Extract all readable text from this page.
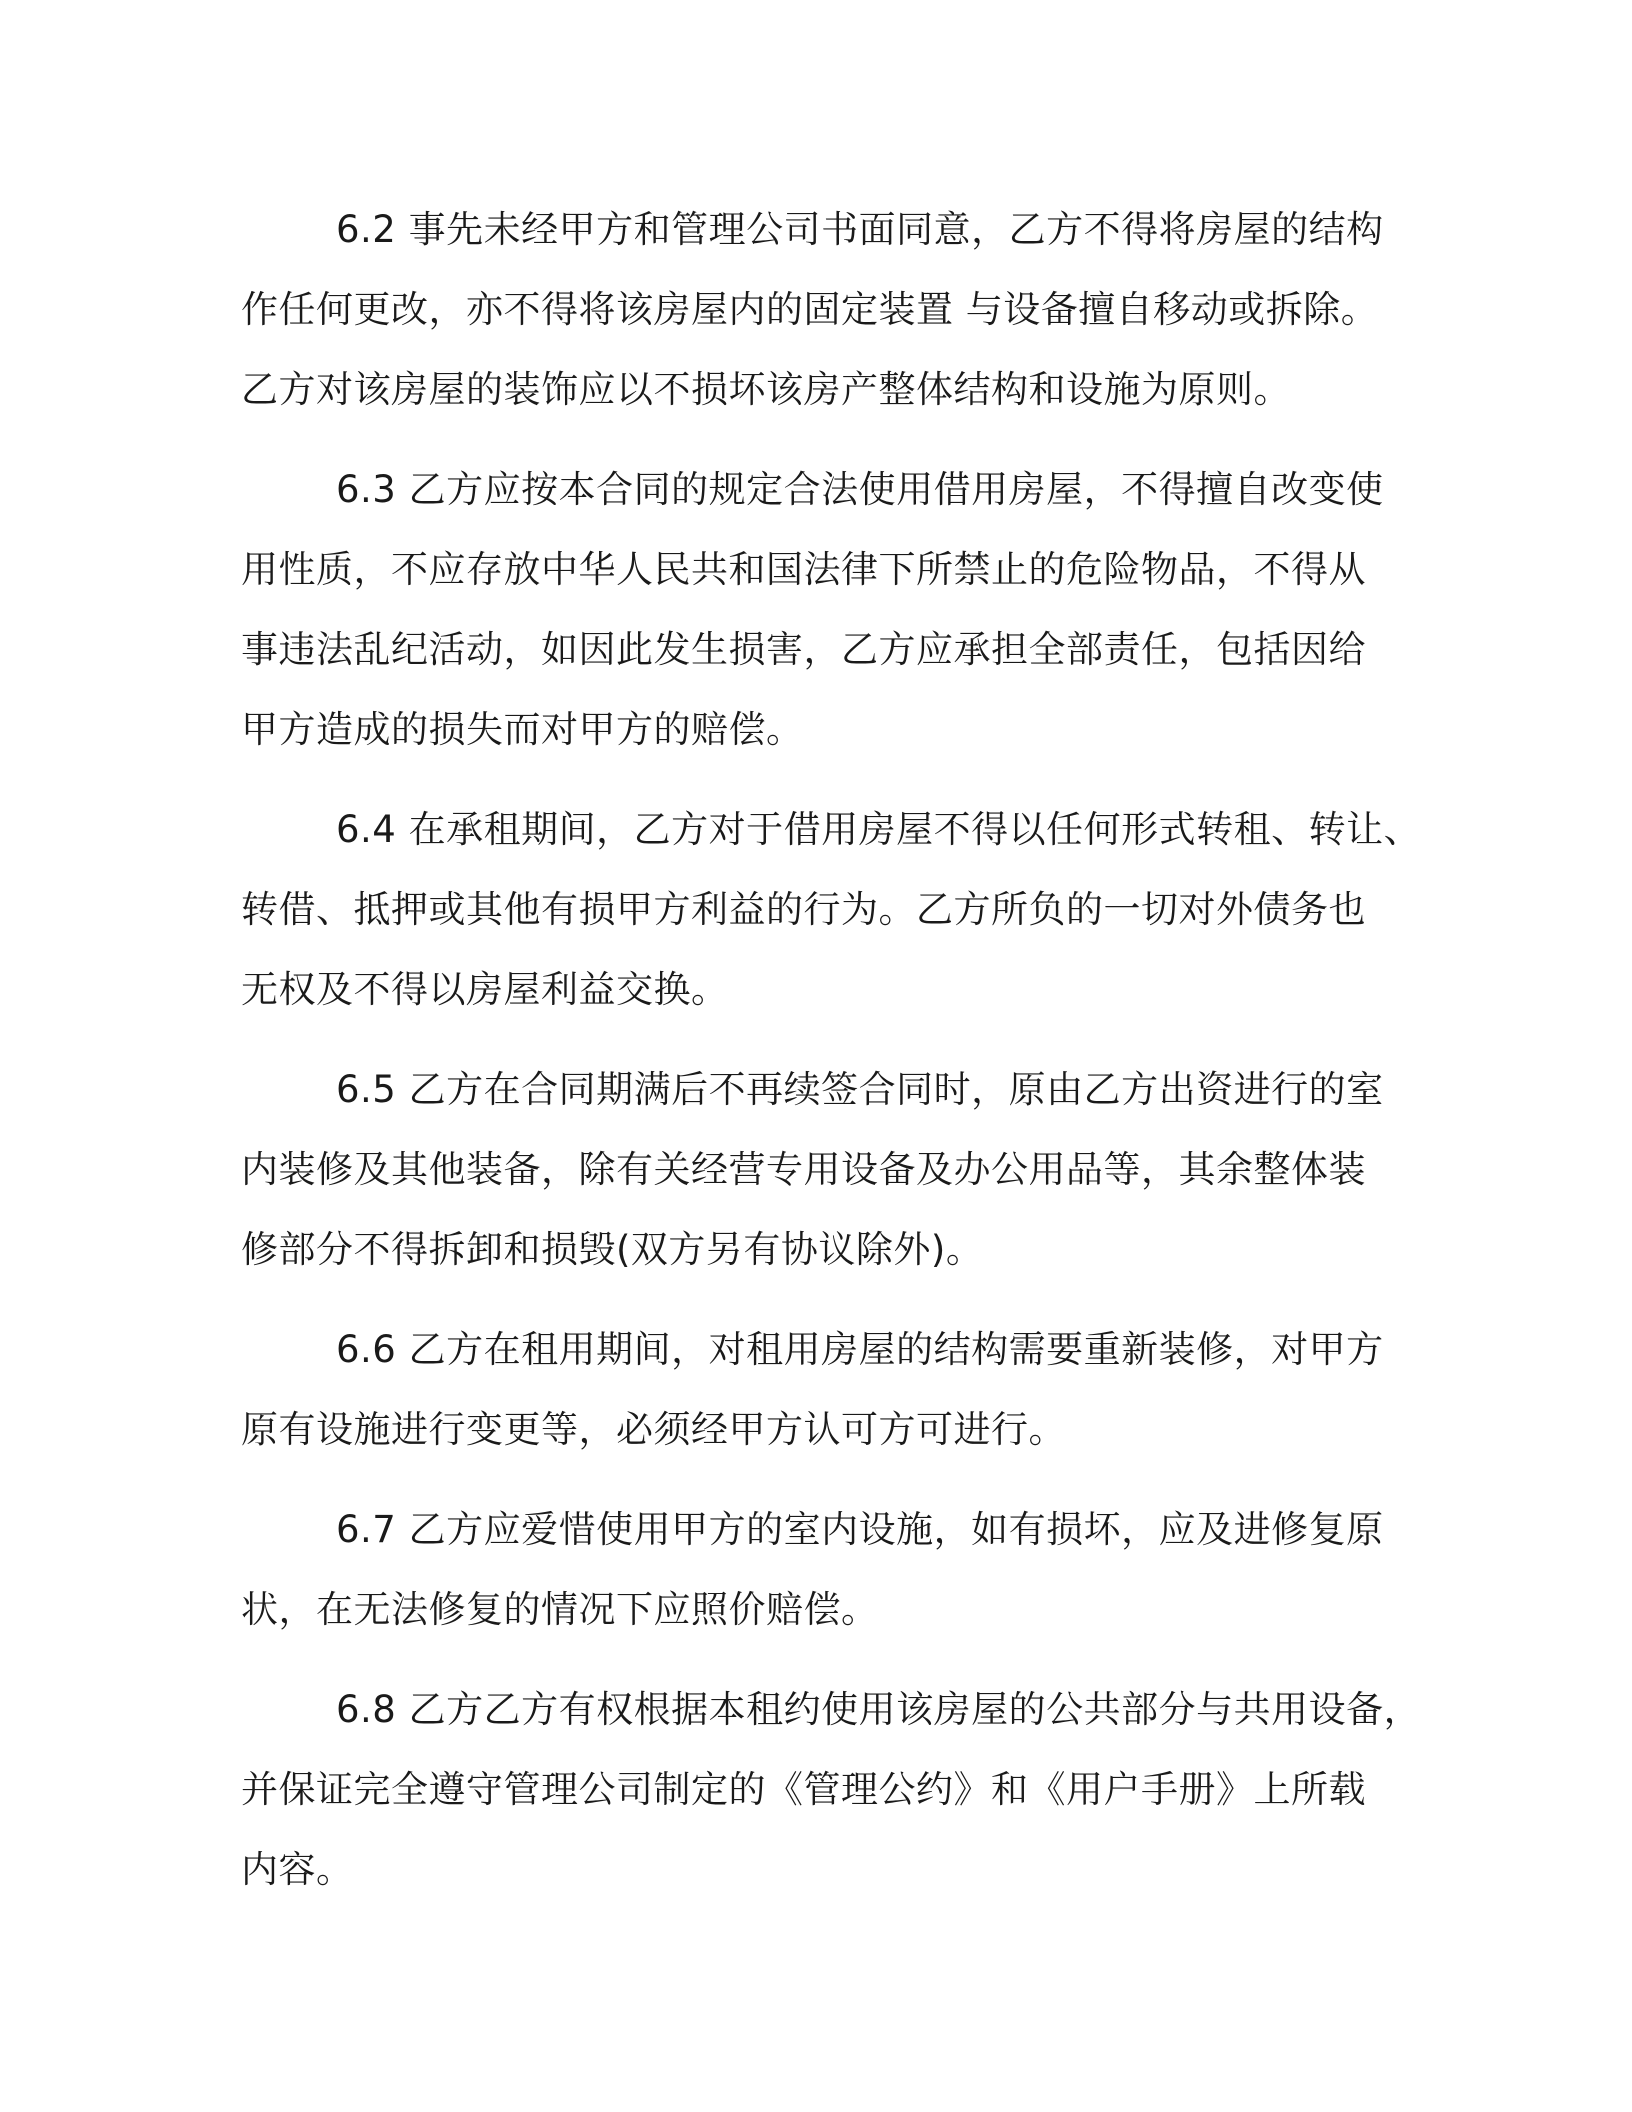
6.2 事先未经甲方和管理公司书面同意，乙方不得将房屋的结构
作任何更改，亦不得将该房屋内的固定装置 与设备擅自移动或拆除。
乙方对该房屋的装饰应以不损坏该房产整体结构和设施为原则。
6.3 乙方应按本合同的规定合法使用借用房屋，不得擅自改变使
用性质，不应存放中华人民共和国法律下所禁止的危险物品，不得从
事违法乱纪活动，如因此发生损害，乙方应承担全部责任，包括因给
甲方造成的损失而对甲方的赔偿。
6.4 在承租期间，乙方对于借用房屋不得以任何形式转租、转让、
转借、抵押或其他有损甲方利益的行为。乙方所负的一切对外债务也
无权及不得以房屋利益交换。
6.5 乙方在合同期满后不再续签合同时，原由乙方出资进行的室
内装修及其他装备，除有关经营专用设备及办公用品等，其余整体装
修部分不得拆卸和损毁(双方另有协议除外)。
6.6 乙方在租用期间，对租用房屋的结构需要重新装修，对甲方
原有设施进行变更等，必须经甲方认可方可进行。
6.7 乙方应爱惜使用甲方的室内设施，如有损坏，应及进修复原
状，在无法修复的情况下应照价赔偿。
6.8 乙方乙方有权根据本租约使用该房屋的公共部分与共用设备，
并保证完全遵守管理公司制定的《管理公约》和《用户手册》上所载
内容。
